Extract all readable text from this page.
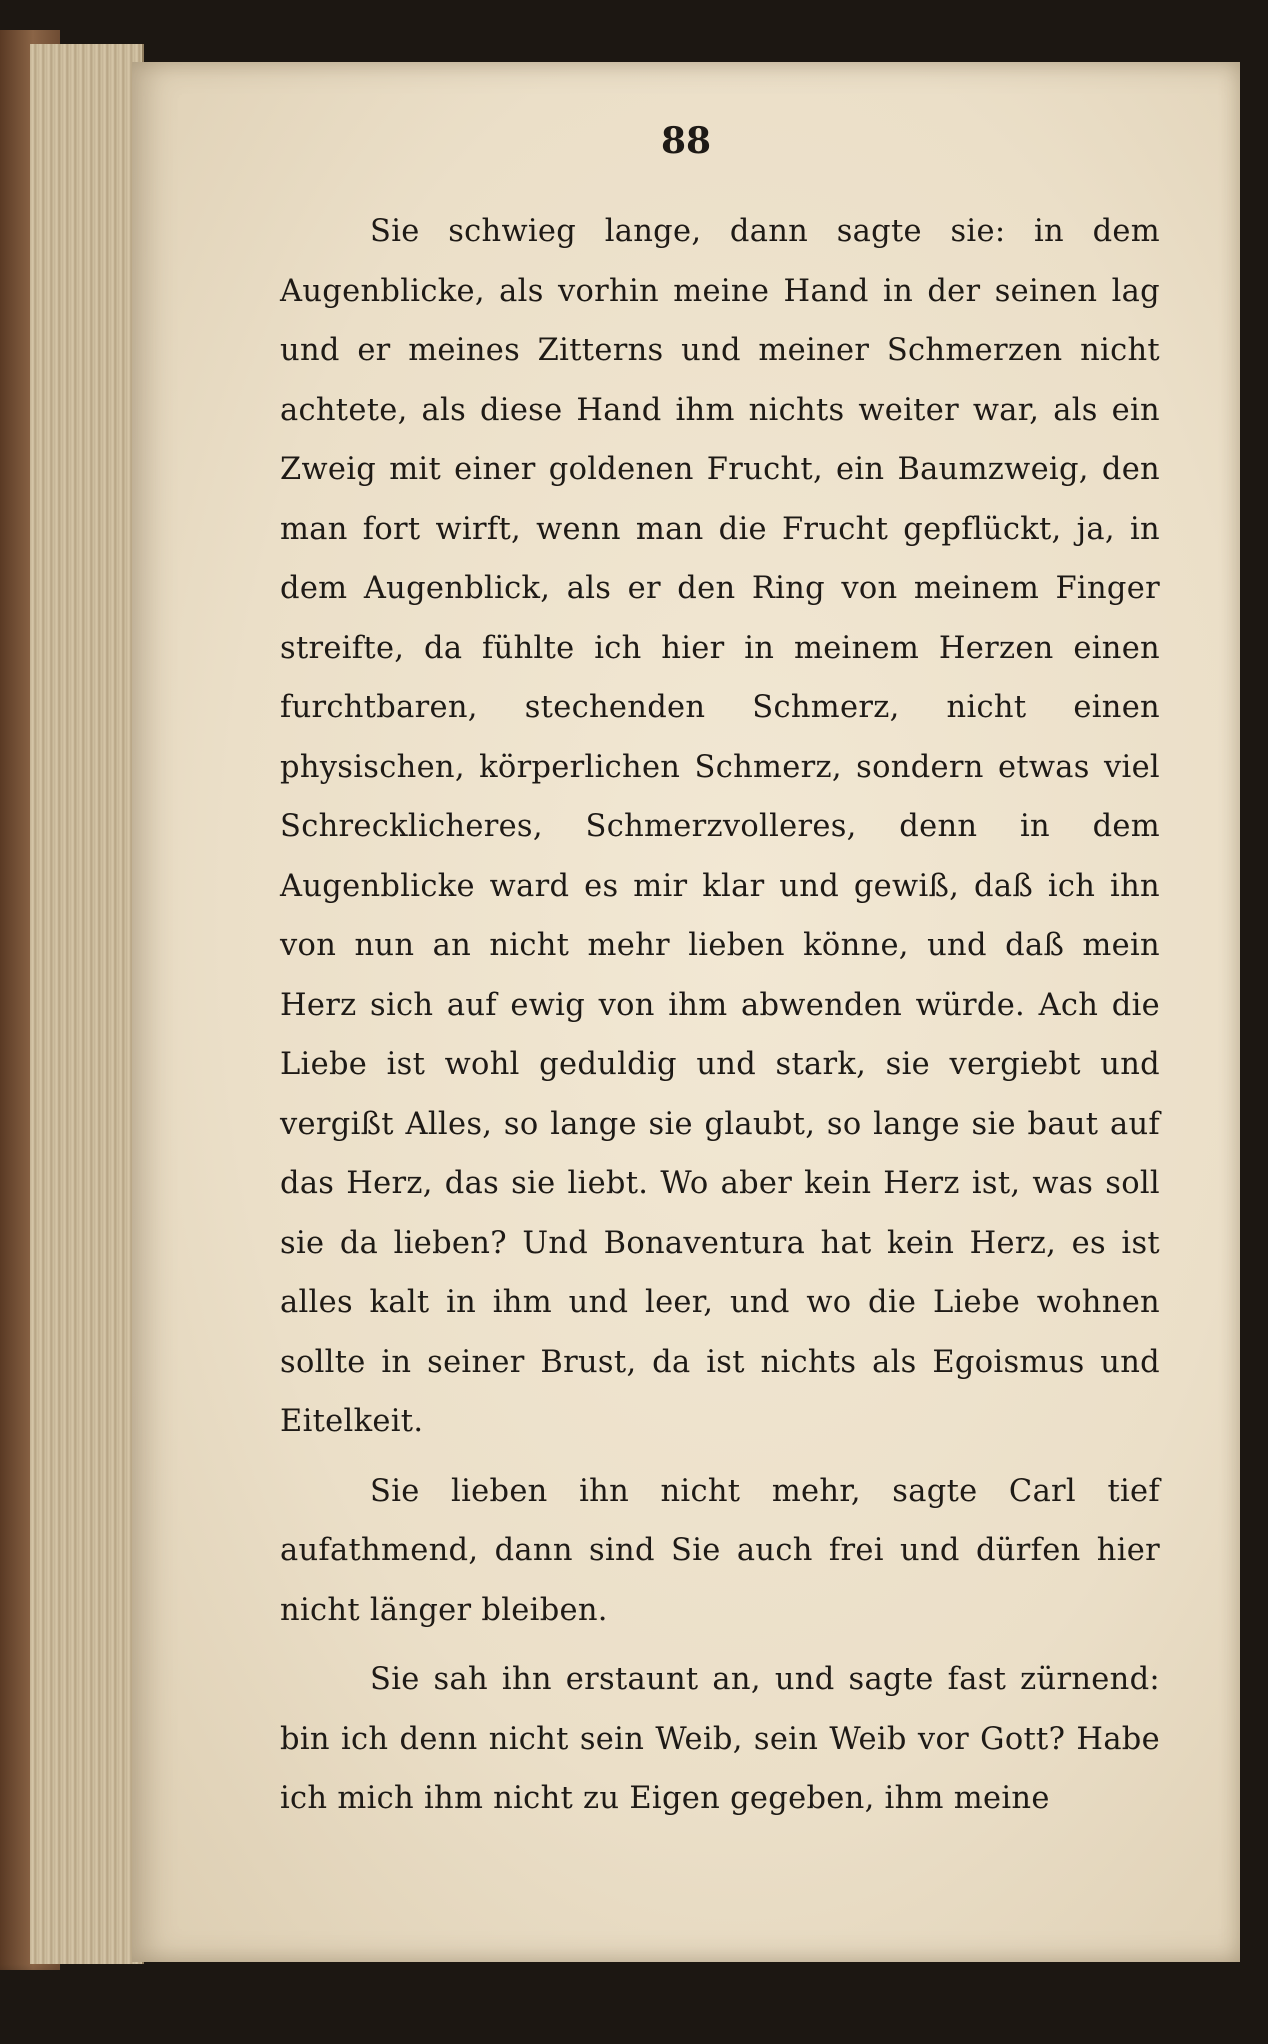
88

Sie schwieg lange, dann sagte sie: in dem Augenblicke, als vorhin meine Hand in der seinen lag und er meines Zitterns und meiner Schmerzen nicht achtete, als diese Hand ihm nichts weiter war, als ein Zweig mit einer goldenen Frucht, ein Baumzweig, den man fort wirft, wenn man die Frucht gepflückt, ja, in dem Augenblick, als er den Ring von meinem Finger streifte, da fühlte ich hier in meinem Herzen einen furchtbaren, stechenden Schmerz, nicht einen physischen, körperlichen Schmerz, sondern etwas viel Schrecklicheres, Schmerzvolleres, denn in dem Augenblicke ward es mir klar und gewiß, daß ich ihn von nun an nicht mehr lieben könne, und daß mein Herz sich auf ewig von ihm abwenden würde. Ach die Liebe ist wohl geduldig und stark, sie vergiebt und vergißt Alles, so lange sie glaubt, so lange sie baut auf das Herz, das sie liebt. Wo aber kein Herz ist, was soll sie da lieben? Und Bonaventura hat kein Herz, es ist alles kalt in ihm und leer, und wo die Liebe wohnen sollte in seiner Brust, da ist nichts als Egoismus und Eitelkeit.

Sie lieben ihn nicht mehr, sagte Carl tief aufathmend, dann sind Sie auch frei und dürfen hier nicht länger bleiben.

Sie sah ihn erstaunt an, und sagte fast zürnend: bin ich denn nicht sein Weib, sein Weib vor Gott? Habe ich mich ihm nicht zu Eigen gegeben, ihm meine
